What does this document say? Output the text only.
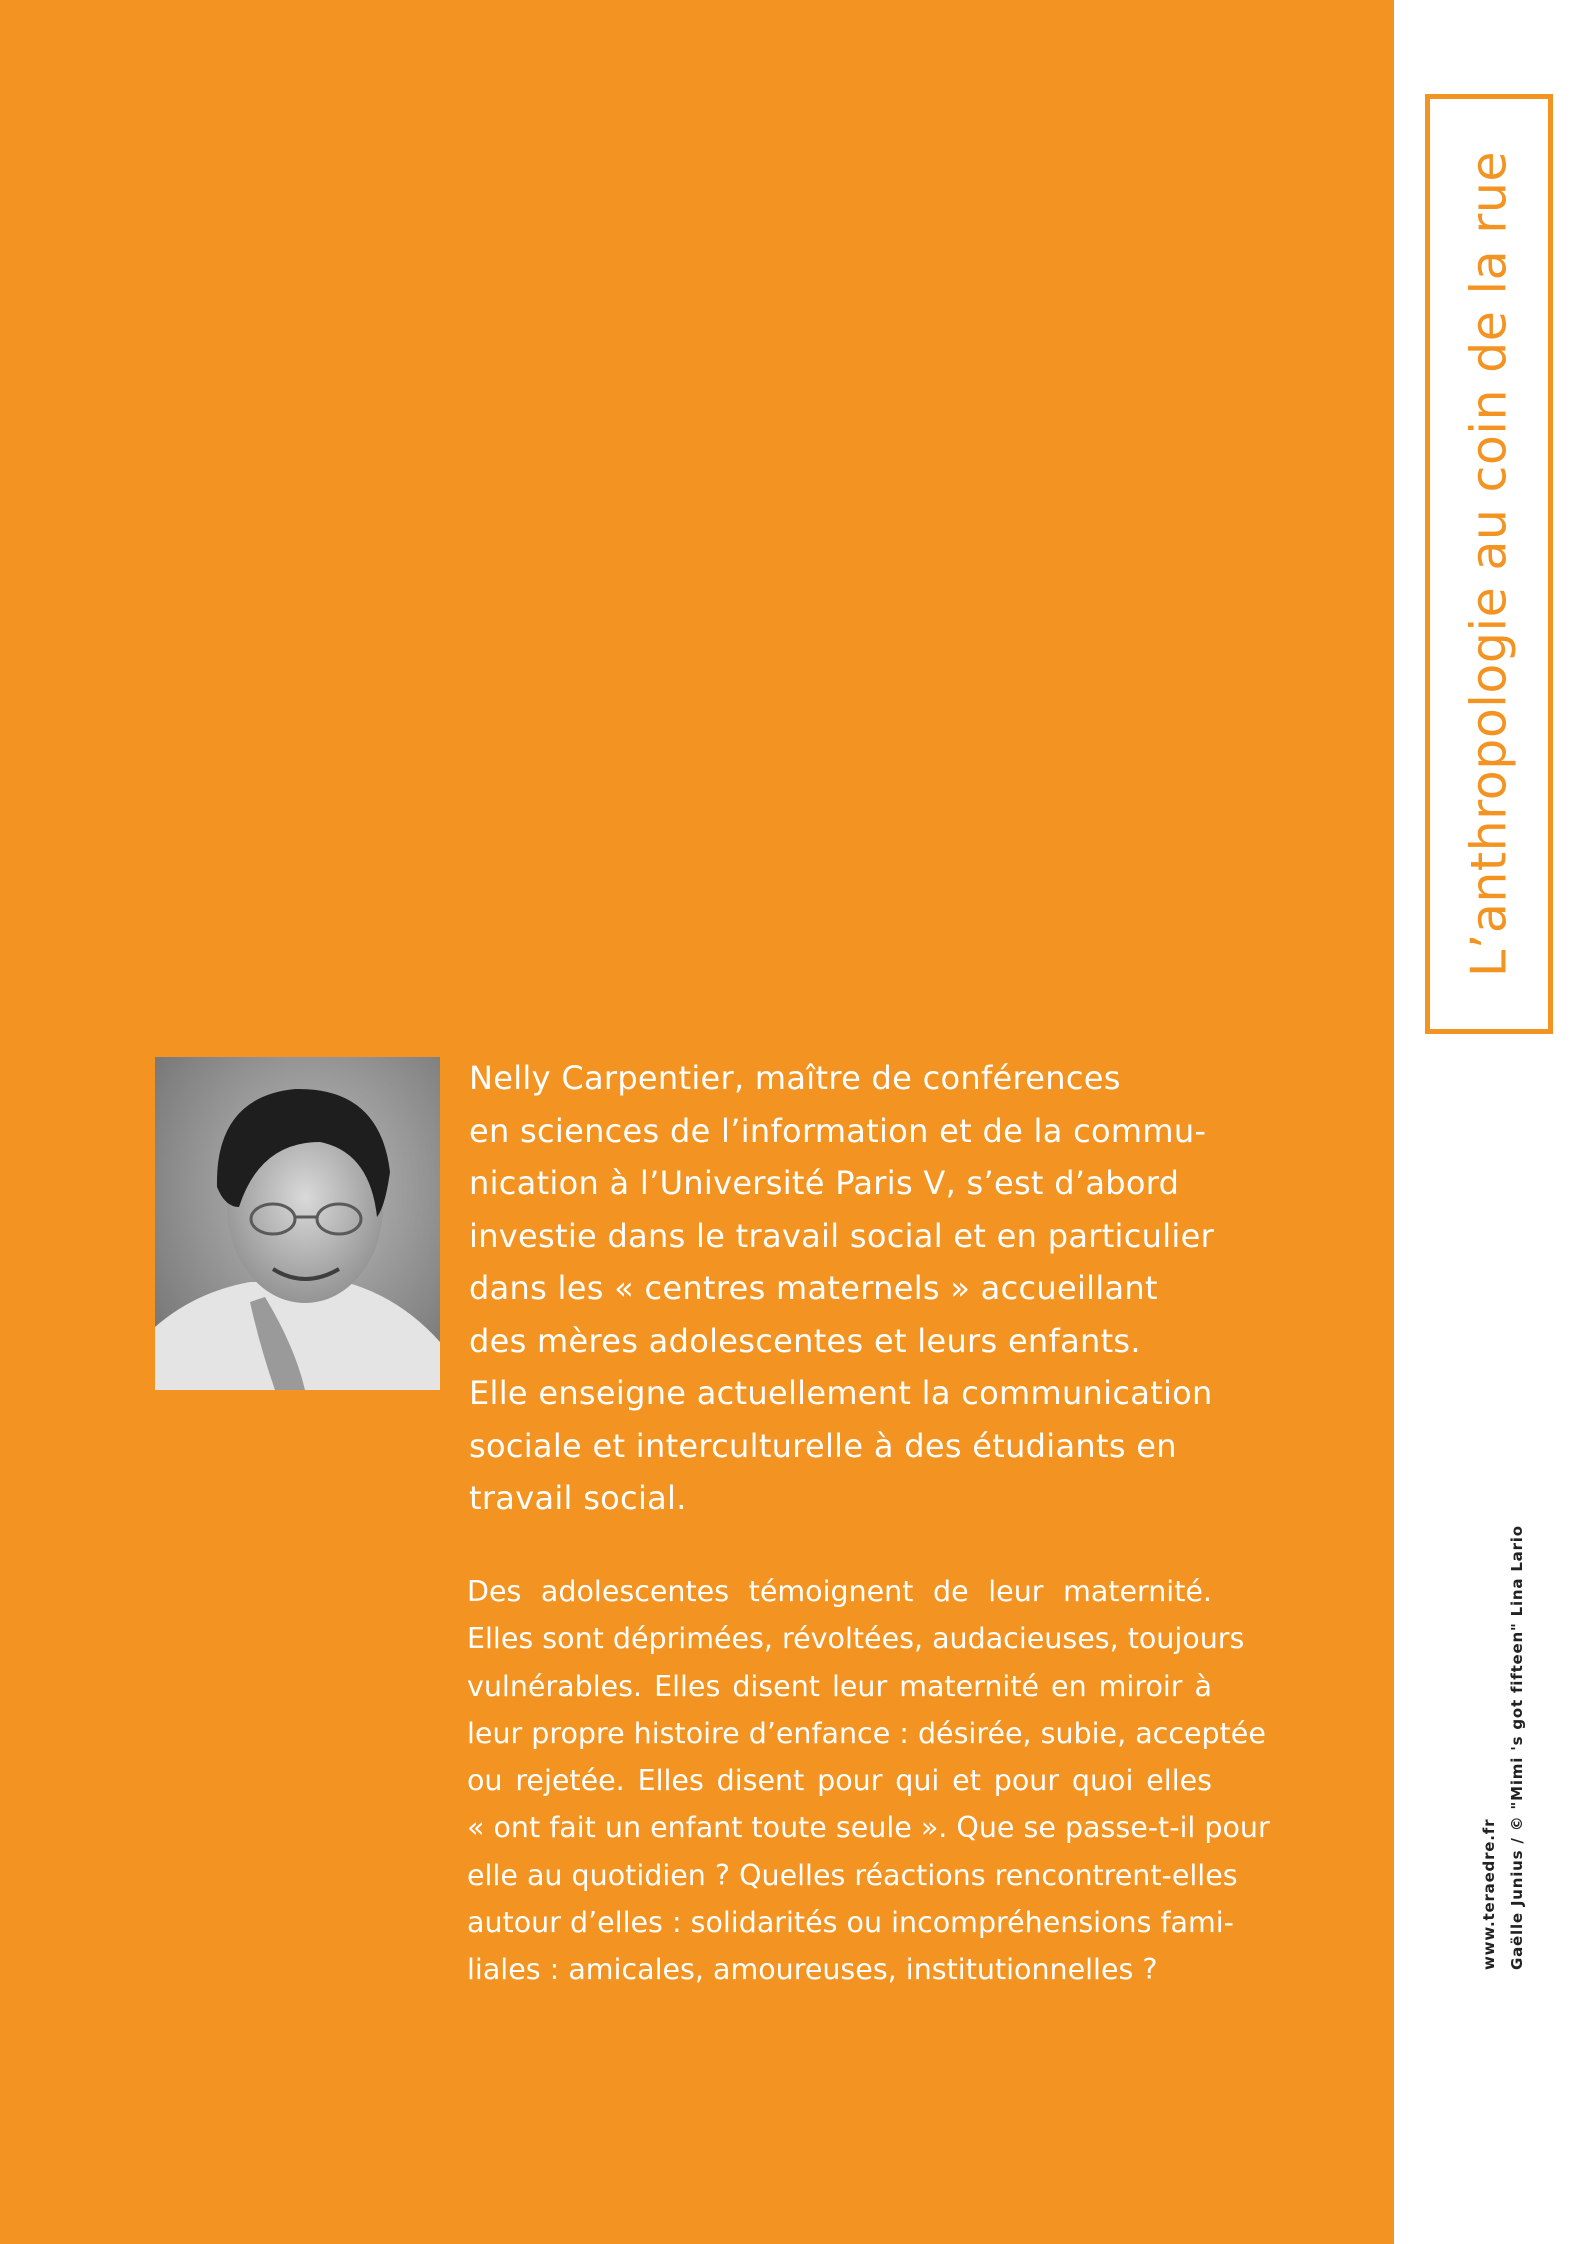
Nelly Carpentier, maître de conférences
en sciences de l’information et de la commu-
nication à l’Université Paris V, s’est d’abord
investie dans le travail social et en particulier
dans les « centres maternels » accueillant
des mères adolescentes et leurs enfants.
Elle enseigne actuellement la communication
sociale et interculturelle à des étudiants en
travail social.

Des adolescentes témoignent de leur maternité.
Elles sont déprimées, révoltées, audacieuses, toujours
vulnérables. Elles disent leur maternité en miroir à
leur propre histoire d’enfance : désirée, subie, acceptée
ou rejetée. Elles disent pour qui et pour quoi elles
« ont fait un enfant toute seule ». Que se passe-t-il pour
elle au quotidien ? Quelles réactions rencontrent-elles
autour d’elles : solidarités ou incompréhensions fami-
liales : amicales, amoureuses, institutionnelles ?

L’anthropologie au coin de la rue
www.teraedre.fr Gaëlle Junius / © "Mimi 's got fifteen" Lina Lario
